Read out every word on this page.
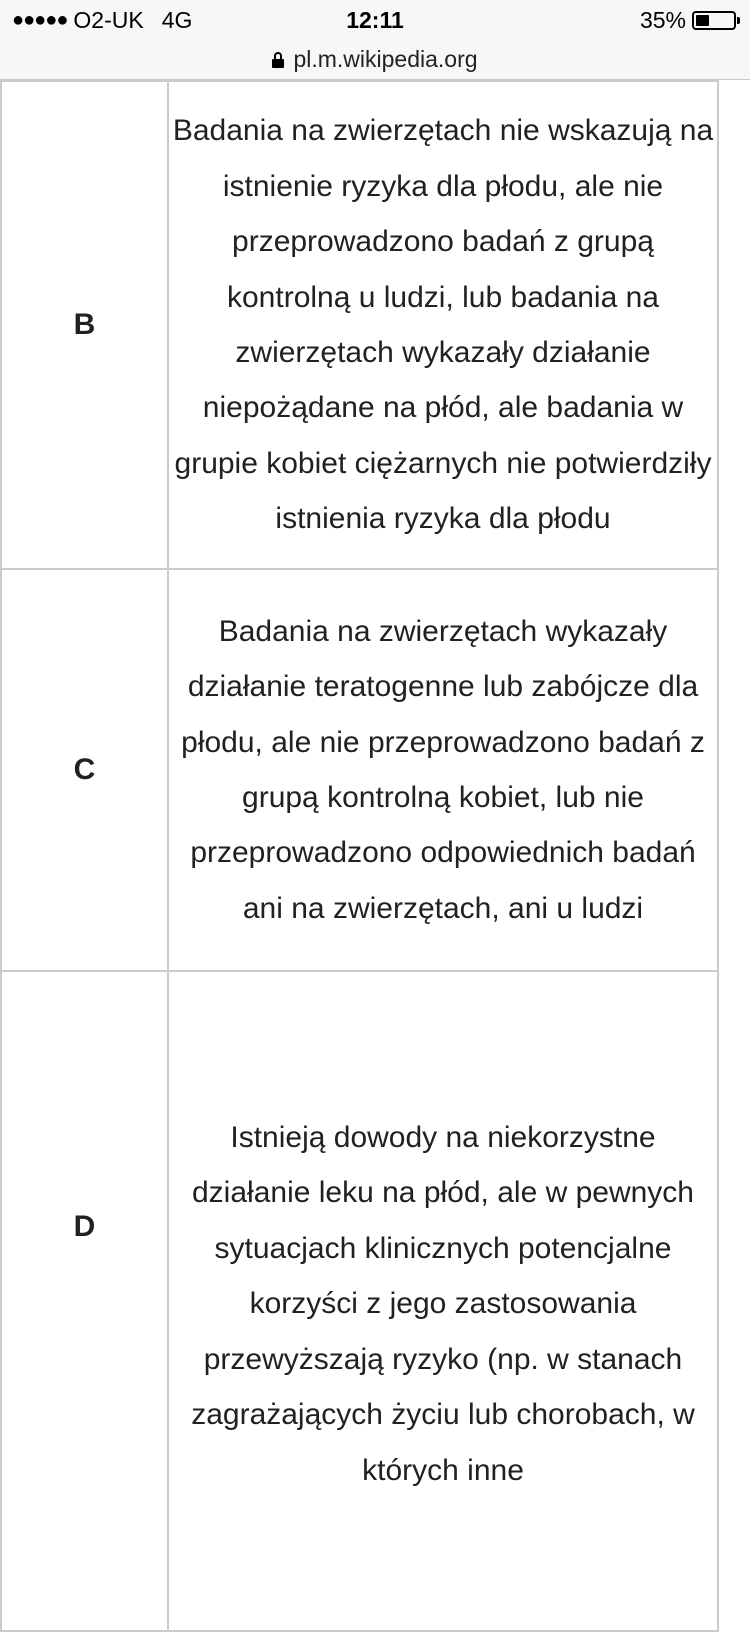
●●●●● O2-UK 4G	12:11	35%
pl.m.wikipedia.org
B	Badania na zwierzętach nie wskazują na istnienie ryzyka dla płodu, ale nie przeprowadzono badań z grupą kontrolną u ludzi, lub badania na zwierzętach wykazały działanie niepożądane na płód, ale badania w grupie kobiet ciężarnych nie potwierdziły istnienia ryzyka dla płodu
C	Badania na zwierzętach wykazały działanie teratogenne lub zabójcze dla płodu, ale nie przeprowadzono badań z grupą kontrolną kobiet, lub nie przeprowadzono odpowiednich badań ani na zwierzętach, ani u ludzi
D	Istnieją dowody na niekorzystne działanie leku na płód, ale w pewnych sytuacjach klinicznych potencjalne korzyści z jego zastosowania przewyższają ryzyko (np. w stanach zagrażających życiu lub chorobach, w których inne
